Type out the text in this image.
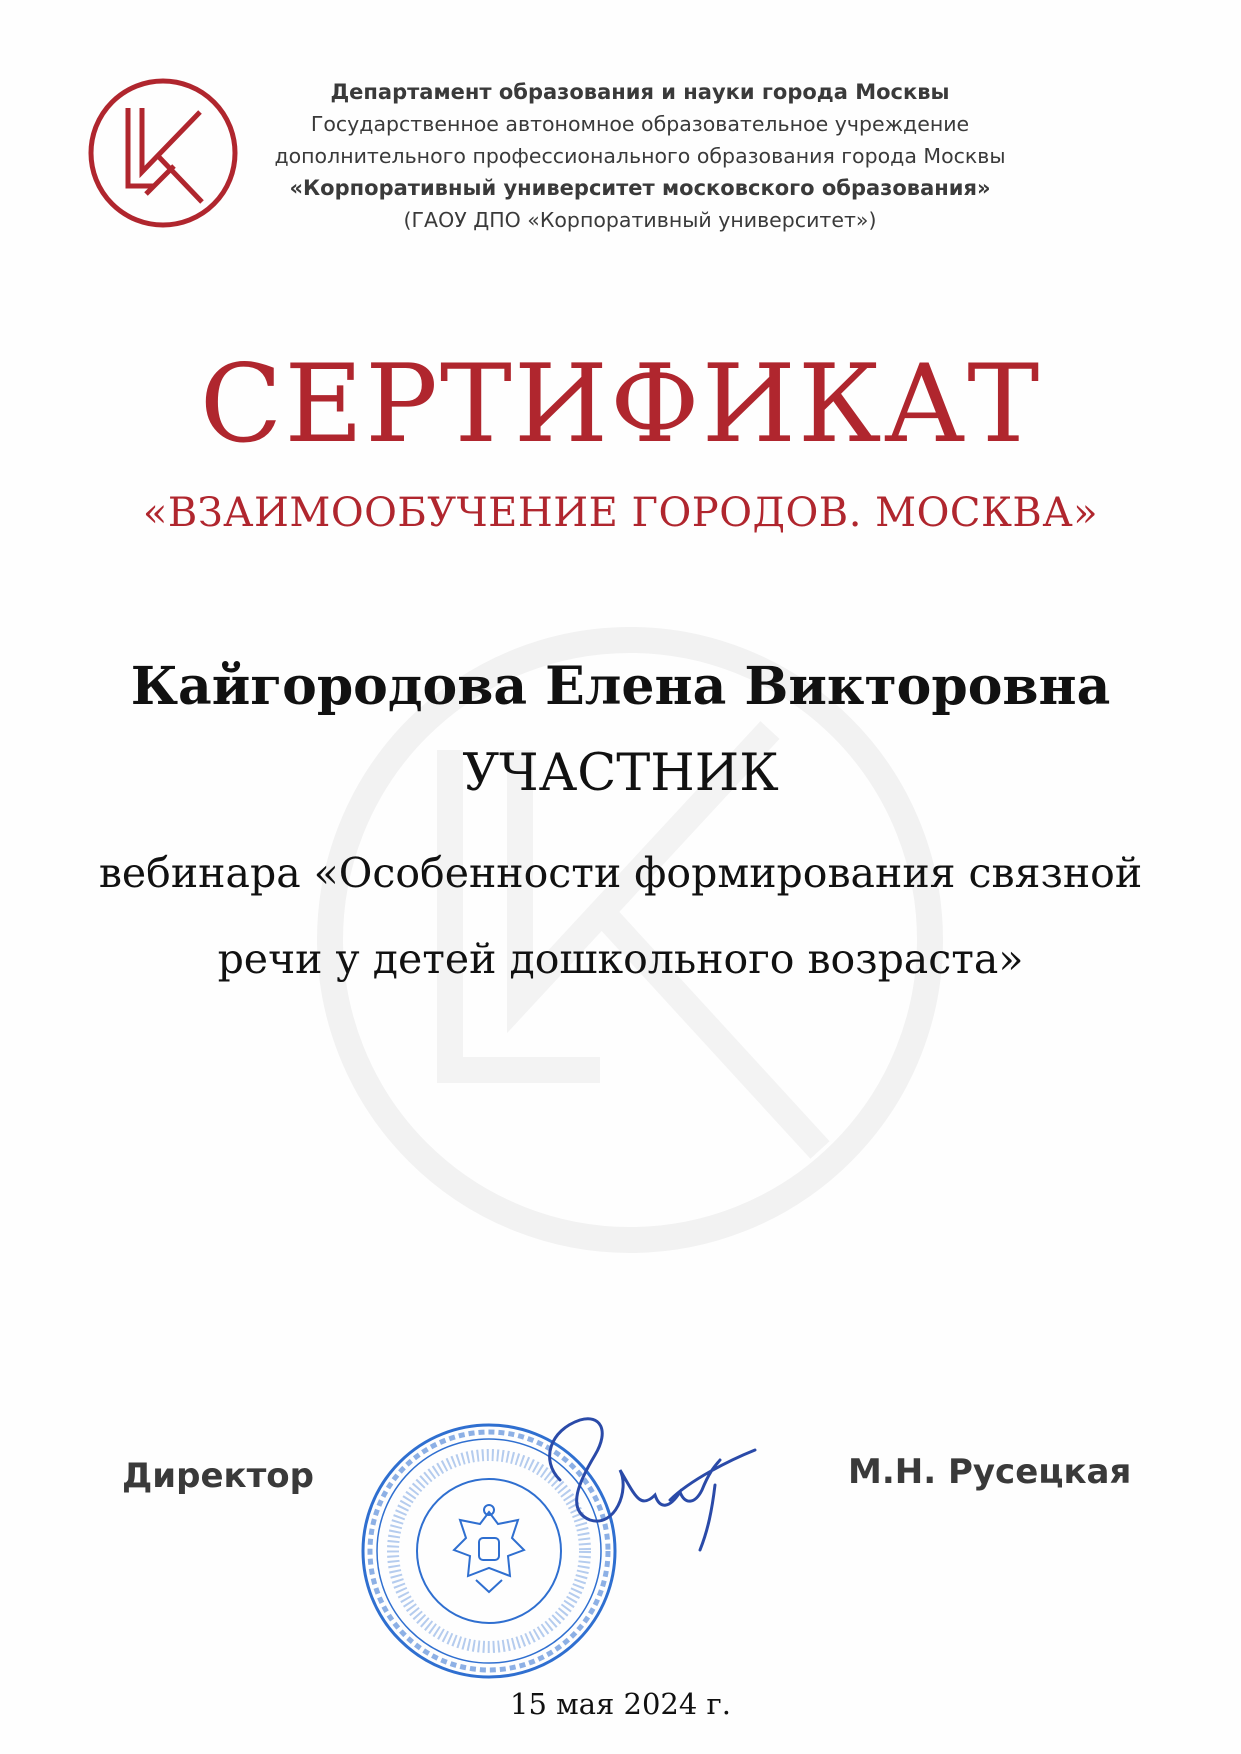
Департамент образования и науки города Москвы
Государственное автономное образовательное учреждение
дополнительного профессионального образования города Москвы
«Корпоративный университет московского образования»
(ГАОУ ДПО «Корпоративный университет»)
СЕРТИФИКАТ
«ВЗАИМООБУЧЕНИЕ ГОРОДОВ. МОСКВА»
Кайгородова Елена Викторовна
УЧАСТНИК
вебинара «Особенности формирования связной
речи у детей дошкольного возраста»
Директор	М.Н. Русецкая
15 мая 2024 г.
